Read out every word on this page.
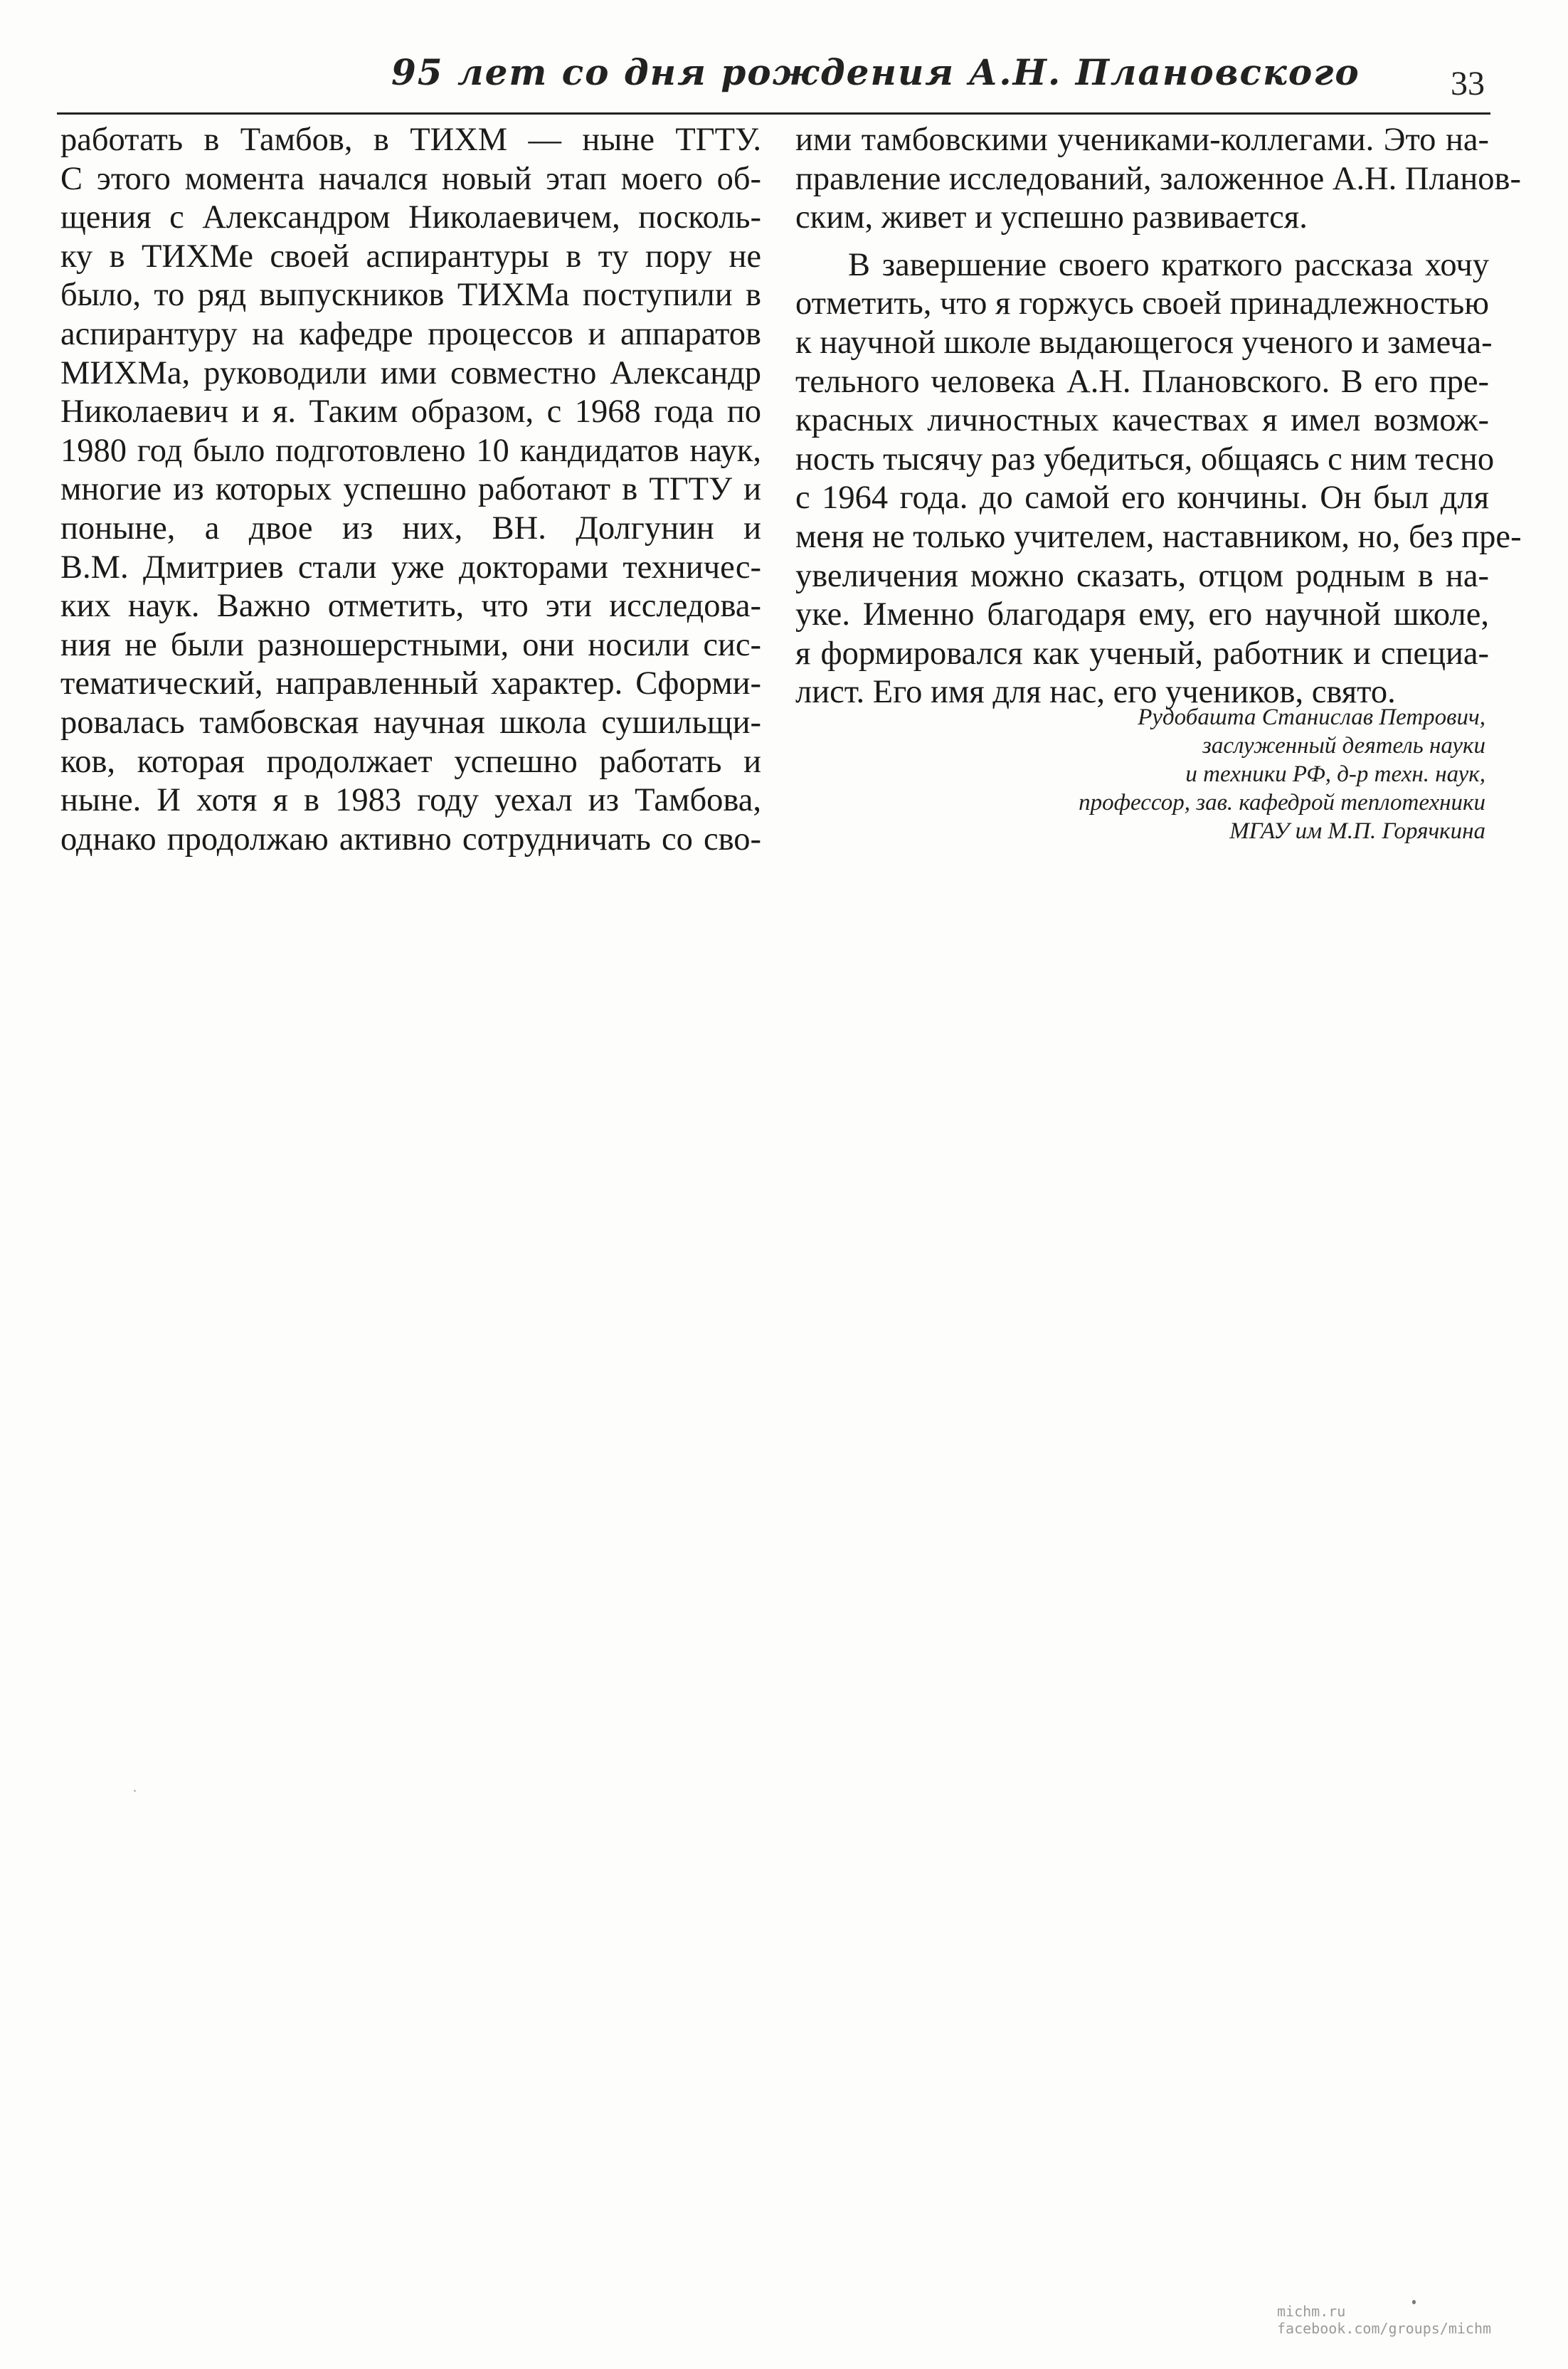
95 лет со дня рождения А.Н. Плановского	33
работать в Тамбов, в ТИХМ — ныне ТГТУ.
С этого момента начался новый этап моего об-
щения с Александром Николаевичем, посколь-
ку в ТИХМе своей аспирантуры в ту пору не
было, то ряд выпускников ТИХМа поступили в
аспирантуру на кафедре процессов и аппаратов
МИХМа, руководили ими совместно Александр
Николаевич и я. Таким образом, с 1968 года по
1980 год было подготовлено 10 кандидатов наук,
многие из которых успешно работают в ТГТУ и
поныне, а двое из них, ВН. Долгунин и
В.М. Дмитриев стали уже докторами техничес-
ких наук. Важно отметить, что эти исследова-
ния не были разношерстными, они носили сис-
тематический, направленный характер. Сформи-
ровалась тамбовская научная школа сушильщи-
ков, которая продолжает успешно работать и
ныне. И хотя я в 1983 году уехал из Тамбова,
однако продолжаю активно сотрудничать со сво-
ими тамбовскими учениками-коллегами. Это на-
правление исследований, заложенное А.Н. Планов-
ским, живет и успешно развивается.
В завершение своего краткого рассказа хочу
отметить, что я горжусь своей принадлежностью
к научной школе выдающегося ученого и замеча-
тельного человека А.Н. Плановского. В его пре-
красных личностных качествах я имел возмож-
ность тысячу раз убедиться, общаясь с ним тесно
с 1964 года. до самой его кончины. Он был для
меня не только учителем, наставником, но, без пре-
увеличения можно сказать, отцом родным в на-
уке. Именно благодаря ему, его научной школе,
я формировался как ученый, работник и специа-
лист. Его имя для нас, его учеников, свято.
Рудобашта Станислав Петрович,
заслуженный деятель науки
и техники РФ, д-р техн. наук,
профессор, зав. кафедрой теплотехники
МГАУ им М.П. Горячкина
michm.ru
facebook.com/groups/michm
